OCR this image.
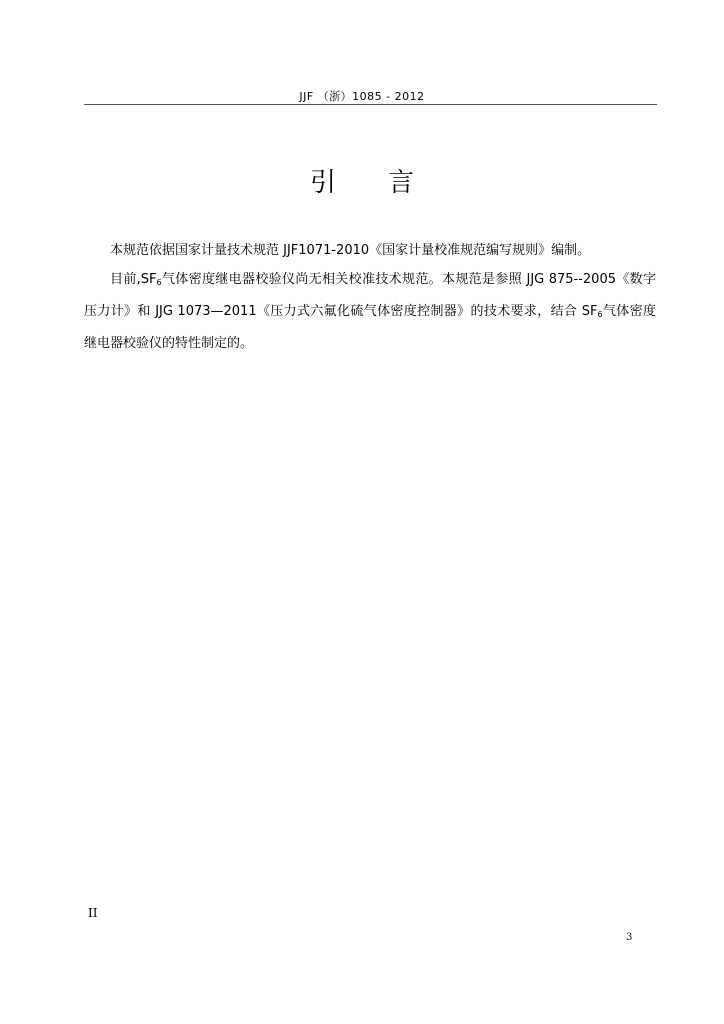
JJF （浙）1085 - 2012
引言

本规范依据国家计量技术规范 JJF1071-2010《国家计量校准规范编写规则》编制。

目前$,SF_6$气体密度继电器校验仪尚无相关校准技术规范。本规范是参照 JJG 875--2005《数字压力计》和 JJG 1073—2011《压力式六氟化硫气体密度控制器》的技术要求，结合 $SF_6$气体密度继电器校验仪的特性制定的。

II
3
